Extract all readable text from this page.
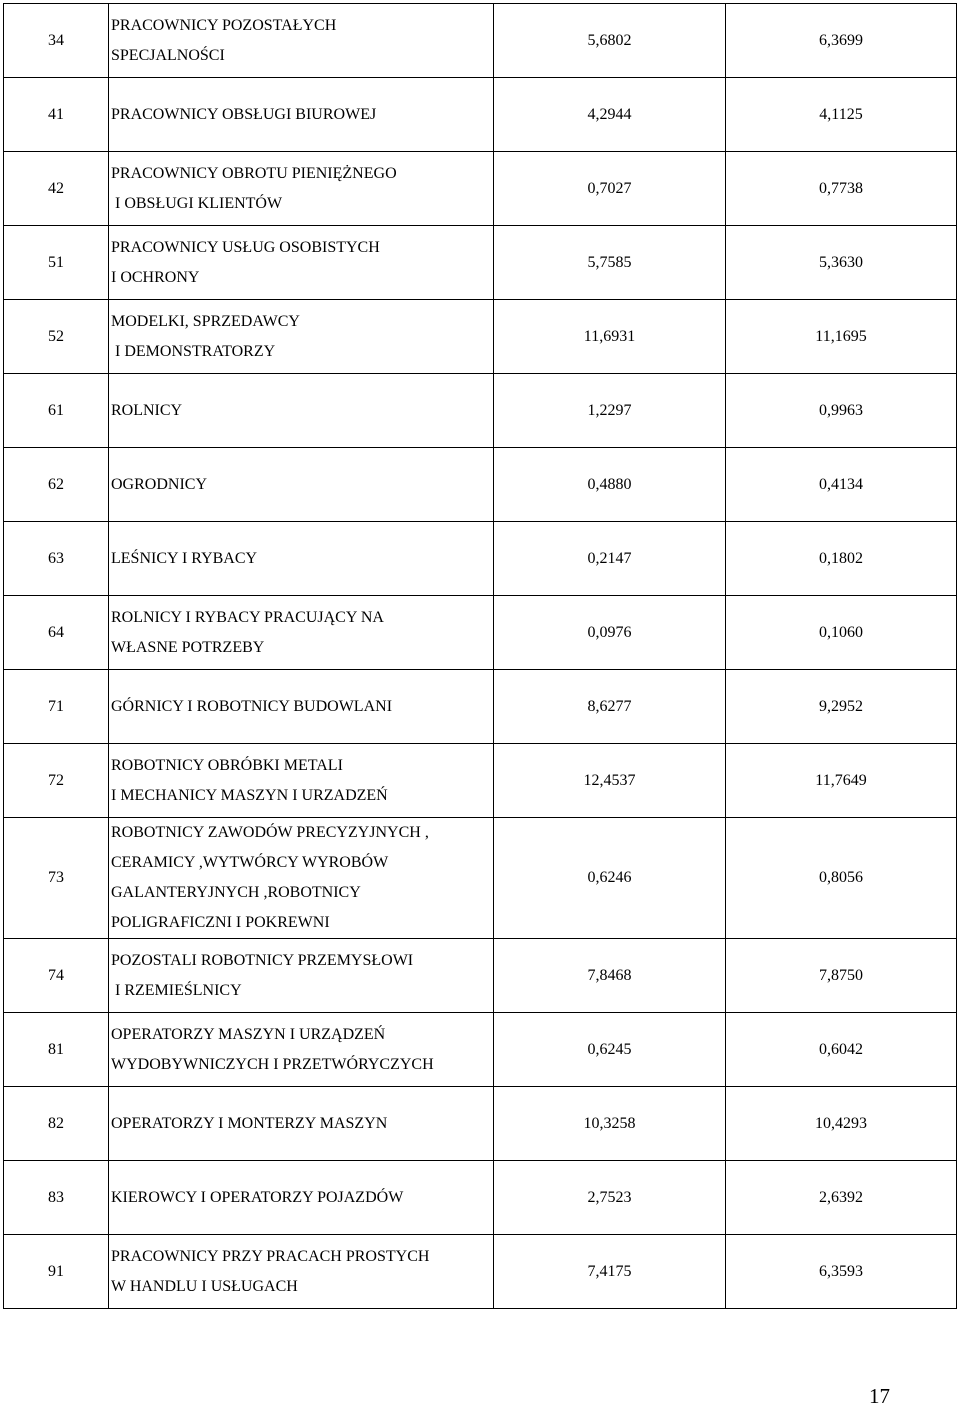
34	PRACOWNICY POZOSTAŁYCH
SPECJALNOŚCI	5,6802	6,3699
41	PRACOWNICY OBSŁUGI BIUROWEJ	4,2944	4,1125
42	PRACOWNICY OBROTU PIENIĘŻNEGO
I OBSŁUGI KLIENTÓW	0,7027	0,7738
51	PRACOWNICY USŁUG OSOBISTYCH
I OCHRONY	5,7585	5,3630
52	MODELKI, SPRZEDAWCY
I DEMONSTRATORZY	11,6931	11,1695
61	ROLNICY	1,2297	0,9963
62	OGRODNICY	0,4880	0,4134
63	LEŚNICY I RYBACY	0,2147	0,1802
64	ROLNICY I RYBACY PRACUJĄCY NA
WŁASNE POTRZEBY	0,0976	0,1060
71	GÓRNICY I ROBOTNICY BUDOWLANI	8,6277	9,2952
72	ROBOTNICY OBRÓBKI METALI
I MECHANICY MASZYN I URZADZEŃ	12,4537	11,7649
73	ROBOTNICY ZAWODÓW PRECYZYJNYCH ,
CERAMICY ,WYTWÓRCY WYROBÓW
GALANTERYJNYCH ,ROBOTNICY
POLIGRAFICZNI I POKREWNI	0,6246	0,8056
74	POZOSTALI ROBOTNICY PRZEMYSŁOWI
I RZEMIEŚLNICY	7,8468	7,8750
81	OPERATORZY MASZYN I URZĄDZEŃ
WYDOBYWNICZYCH I PRZETWÓRYCZYCH	0,6245	0,6042
82	OPERATORZY I MONTERZY MASZYN	10,3258	10,4293
83	KIEROWCY I OPERATORZY POJAZDÓW	2,7523	2,6392
91	PRACOWNICY PRZY PRACACH PROSTYCH
W HANDLU I USŁUGACH	7,4175	6,3593
17
